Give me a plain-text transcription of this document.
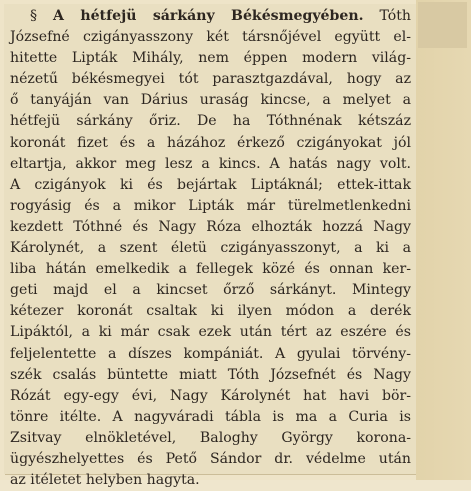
§ A hétfejü sárkány Békésmegyében. Tóth
Józsefné czigányasszony két társnőjével együtt el-
hitette Lipták Mihály, nem éppen modern világ-
nézetű békésmegyei tót parasztgazdával, hogy az
ő tanyáján van Dárius uraság kincse, a melyet a
hétfejü sárkány őriz. De ha Tóthnénak kétszáz
koronát fizet és a házához érkező czigányokat jól
eltartja, akkor meg lesz a kincs. A hatás nagy volt.
A czigányok ki és bejártak Liptáknál; ettek-ittak
rogyásig és a mikor Lipták már türelmetlenkedni
kezdett Tóthné és Nagy Róza elhozták hozzá Nagy
Károlynét, a szent életü czigányasszonyt, a ki a
liba hátán emelkedik a fellegek közé és onnan ker-
geti majd el a kincset őrző sárkányt. Mintegy
kétezer koronát csaltak ki ilyen módon a derék
Lipáktól, a ki már csak ezek után tért az eszére és
feljelentette a díszes kompániát. A gyulai törvény-
szék csalás büntette miatt Tóth Józsefnét és Nagy
Rózát egy-egy évi, Nagy Károlynét hat havi bör-
tönre itélte. A nagyváradi tábla is ma a Curia is
Zsitvay elnökletével, Baloghy György korona-
ügyészhelyettes és Pető Sándor dr. védelme után
az itéletet helyben hagyta.
